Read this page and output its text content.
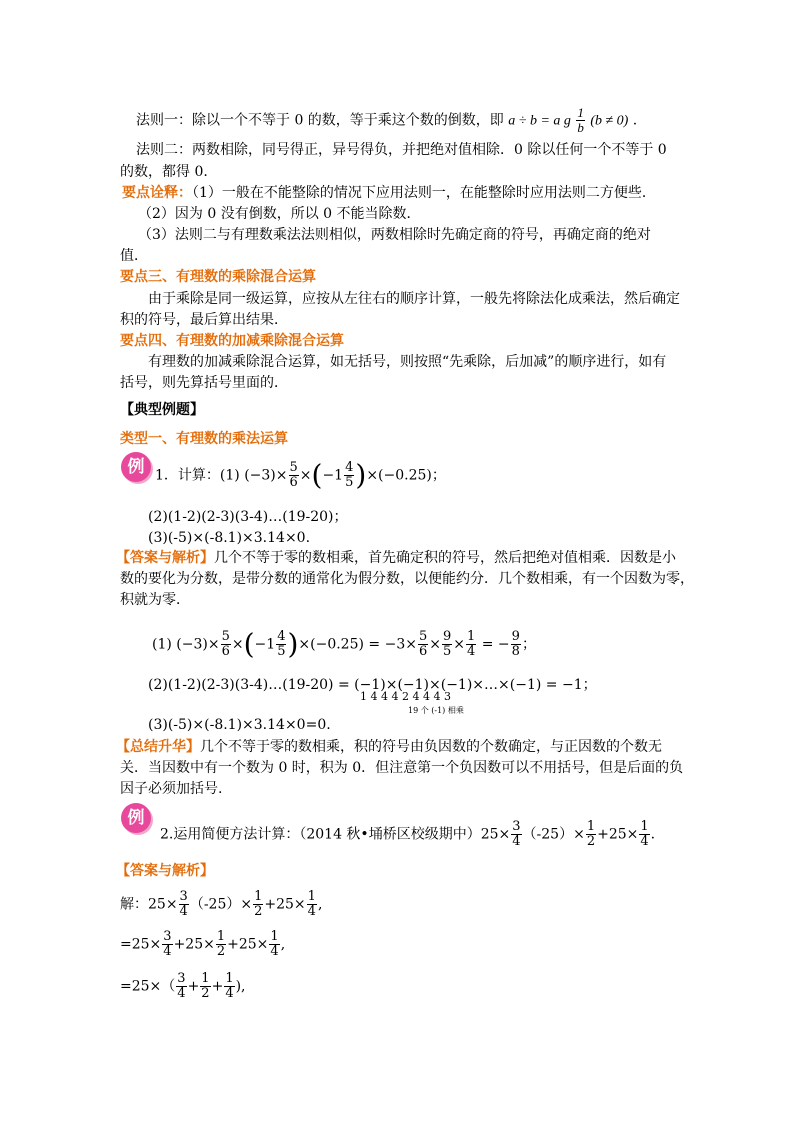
法则一：除以一个不等于 0 的数，等于乘这个数的倒数，即 a ÷ b = a g $\frac{1}{b} (b \ne 0)$ .
法则二：两数相除，同号得正，异号得负，并把绝对值相除．0 除以任何一个不等于 0
的数，都得 0.
要点诠释：（1）一般在不能整除的情况下应用法则一，在能整除时应用法则二方便些．
（2）因为 0 没有倒数，所以 0 不能当除数．
（3）法则二与有理数乘法法则相似，两数相除时先确定商的符号，再确定商的绝对
值．
要点三、有理数的乘除混合运算
由于乘除是同一级运算，应按从左往右的顺序计算，一般先将除法化成乘法，然后确定
积的符号，最后算出结果．
要点四、有理数的加减乘除混合运算
有理数的加减乘除混合运算，如无括号，则按照“先乘除，后加减”的顺序进行，如有
括号，则先算括号里面的．
【典型例题】
类型一、有理数的乘法运算
例 1．计算：(1) $(-3)\times \frac{5}{6} \times(-1 \frac{4}{5} )\times(-0.25)$；
(2)(1-2)(2-3)(3-4)…(19-20)；
(3)(-5)×(-8.1)×3.14×0.
【答案与解析】几个不等于零的数相乘，首先确定积的符号，然后把绝对值相乘．因数是小
数的要化为分数，是带分数的通常化为假分数，以便能约分．几个数相乘，有一个因数为零，
积就为零．
(1) $(-3)\times \frac{5}{6} \times(-1 \frac{4}{5} )\times(-0.25) = -3\times \frac{5}{6} \times \frac{9}{5} \times \frac{1}{4}$ = − $\frac{9}{8}$ ；
(2)(1-2)(2-3)(3-4)…(19-20) = (−1)×(−1)×(−1)×…×(−1) = −1；
1 4 4 4 2 4 4 4 3
19 个 (-1) 相乘
(3)(-5)×(-8.1)×3.14×0=0.
【总结升华】几个不等于零的数相乘，积的符号由负因数的个数确定，与正因数的个数无
关．当因数中有一个数为 0 时，积为 0．但注意第一个负因数可以不用括号，但是后面的负
因子必须加括号.
例
2.运用简便方法计算：（2014 秋•埇桥区校级期中）$25\times \frac{3}{4} (-25)\times \frac{1}{2} +25\times \frac{1}{4}$ .
【答案与解析】
解：$25\times \frac{3}{4} (-25)\times \frac{1}{2} +25\times \frac{1}{4}$ ,
$=25\times \frac{3}{4} +25\times \frac{1}{2} +25\times \frac{1}{4}$ ,
$=25\times( \frac{3}{4} + \frac{1}{2} + \frac{1}{4}$ ),
